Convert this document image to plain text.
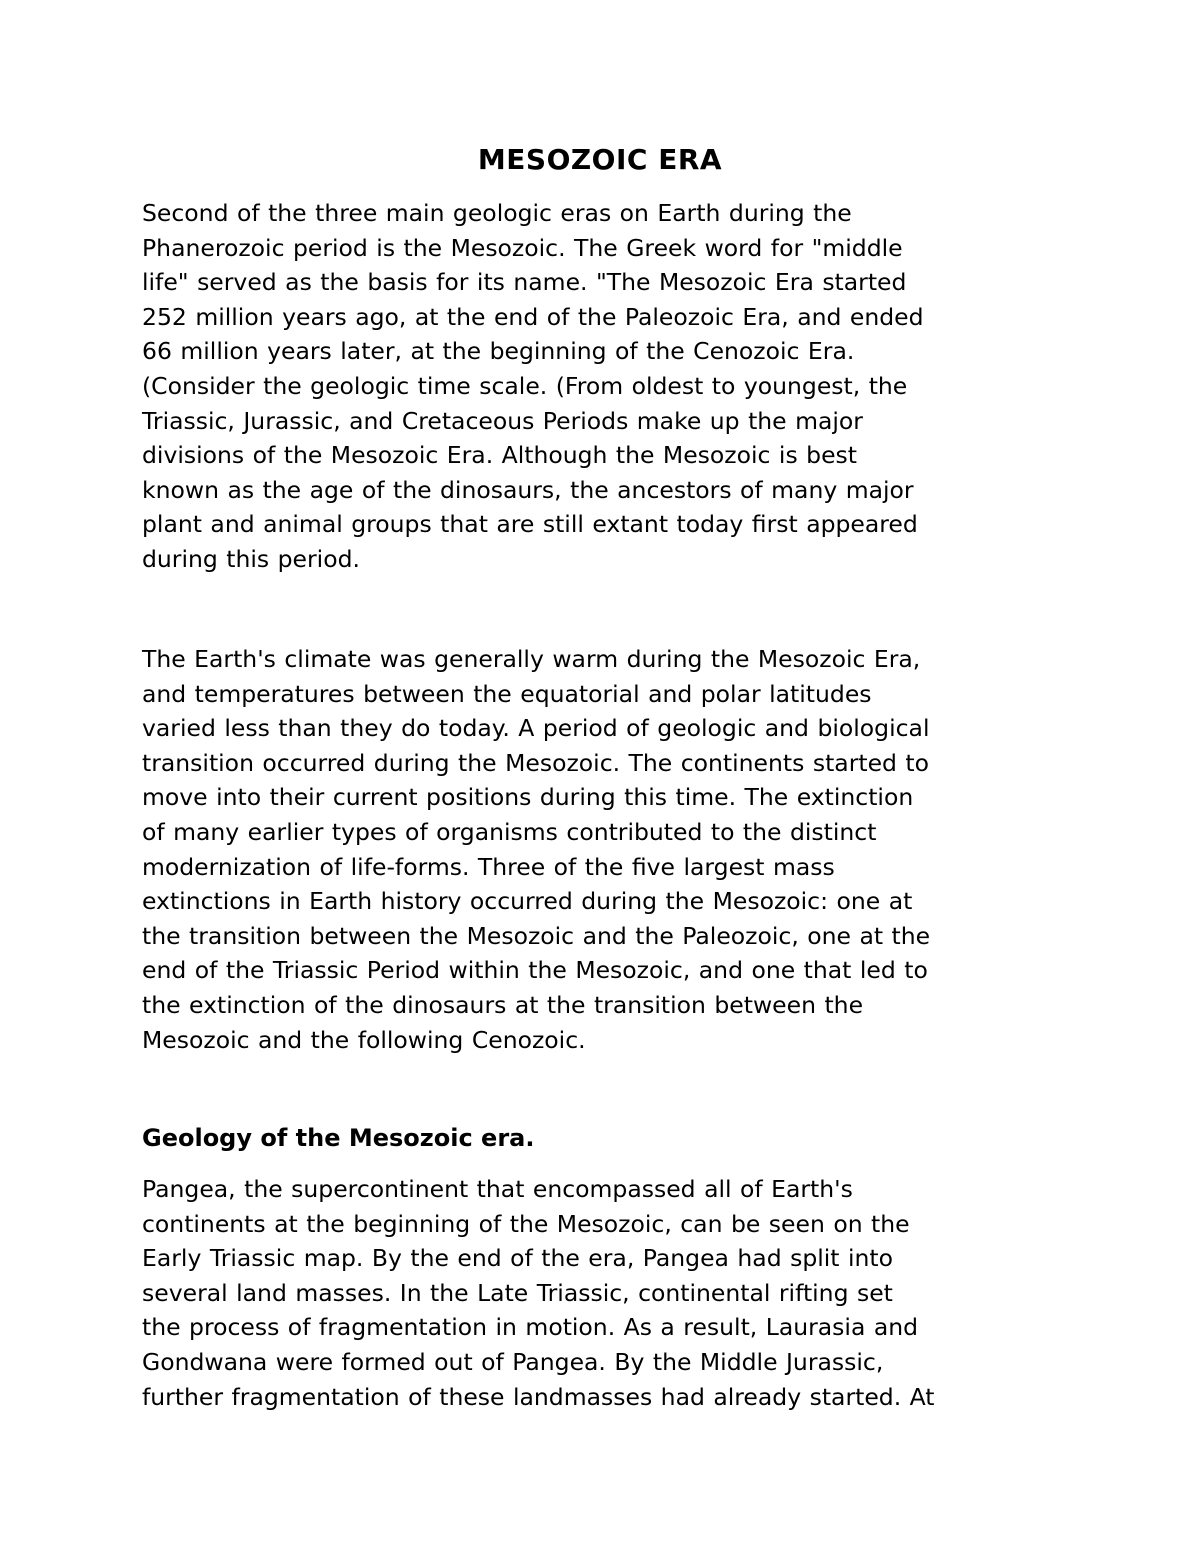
MESOZOIC ERA

Second of the three main geologic eras on Earth during the
Phanerozoic period is the Mesozoic. The Greek word for "middle
life" served as the basis for its name. "The Mesozoic Era started
252 million years ago, at the end of the Paleozoic Era, and ended
66 million years later, at the beginning of the Cenozoic Era.
(Consider the geologic time scale. (From oldest to youngest, the
Triassic, Jurassic, and Cretaceous Periods make up the major
divisions of the Mesozoic Era. Although the Mesozoic is best
known as the age of the dinosaurs, the ancestors of many major
plant and animal groups that are still extant today first appeared
during this period.

The Earth's climate was generally warm during the Mesozoic Era,
and temperatures between the equatorial and polar latitudes
varied less than they do today. A period of geologic and biological
transition occurred during the Mesozoic. The continents started to
move into their current positions during this time. The extinction
of many earlier types of organisms contributed to the distinct
modernization of life-forms. Three of the five largest mass
extinctions in Earth history occurred during the Mesozoic: one at
the transition between the Mesozoic and the Paleozoic, one at the
end of the Triassic Period within the Mesozoic, and one that led to
the extinction of the dinosaurs at the transition between the
Mesozoic and the following Cenozoic.

Geology of the Mesozoic era.

Pangea, the supercontinent that encompassed all of Earth's
continents at the beginning of the Mesozoic, can be seen on the
Early Triassic map. By the end of the era, Pangea had split into
several land masses. In the Late Triassic, continental rifting set
the process of fragmentation in motion. As a result, Laurasia and
Gondwana were formed out of Pangea. By the Middle Jurassic,
further fragmentation of these landmasses had already started. At
